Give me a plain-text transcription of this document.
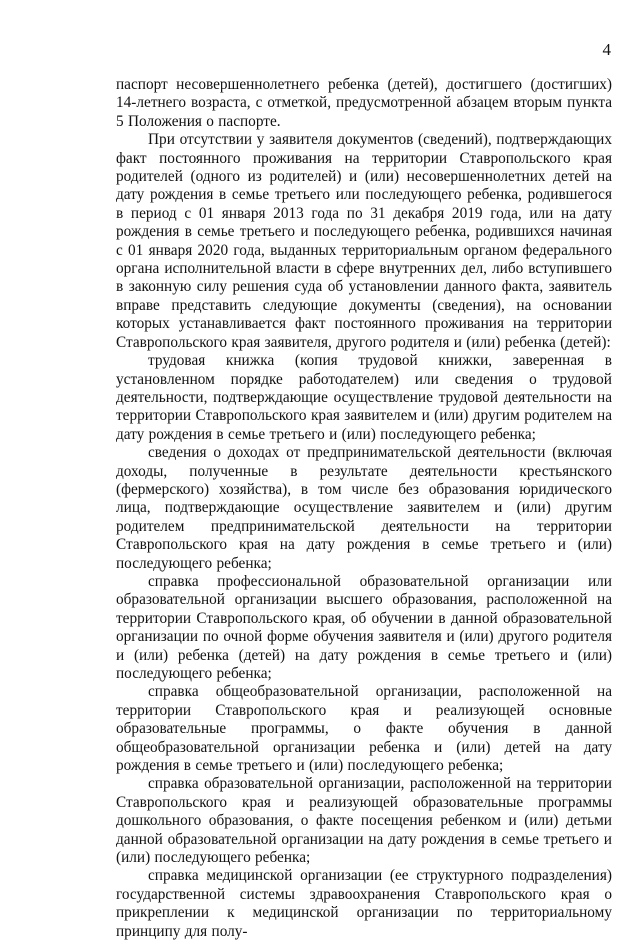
4

паспорт несовершеннолетнего ребенка (детей), достигшего (достигших) 14-летнего возраста, с отметкой, предусмотренной абзацем вторым пункта 5 Положения о паспорте.

При отсутствии у заявителя документов (сведений), подтверждающих факт постоянного проживания на территории Ставропольского края родителей (одного из родителей) и (или) несовершеннолетних детей на дату рождения в семье третьего или последующего ребенка, родившегося в период с 01 января 2013 года по 31 декабря 2019 года, или на дату рождения в семье третьего и последующего ребенка, родившихся начиная с 01 января 2020 года, выданных территориальным органом федерального органа исполнительной власти в сфере внутренних дел, либо вступившего в законную силу решения суда об установлении данного факта, заявитель вправе представить следующие документы (сведения), на основании которых устанавливается факт постоянного проживания на территории Ставропольского края заявителя, другого родителя и (или) ребенка (детей):

трудовая книжка (копия трудовой книжки, заверенная в установленном порядке работодателем) или сведения о трудовой деятельности, подтверждающие осуществление трудовой деятельности на территории Ставропольского края заявителем и (или) другим родителем на дату рождения в семье третьего и (или) последующего ребенка;

сведения о доходах от предпринимательской деятельности (включая доходы, полученные в результате деятельности крестьянского (фермерского) хозяйства), в том числе без образования юридического лица, подтверждающие осуществление заявителем и (или) другим родителем предпринимательской деятельности на территории Ставропольского края на дату рождения в семье третьего и (или) последующего ребенка;

справка профессиональной образовательной организации или образовательной организации высшего образования, расположенной на территории Ставропольского края, об обучении в данной образовательной организации по очной форме обучения заявителя и (или) другого родителя и (или) ребенка (детей) на дату рождения в семье третьего и (или) последующего ребенка;

справка общеобразовательной организации, расположенной на территории Ставропольского края и реализующей основные образовательные программы, о факте обучения в данной общеобразовательной организации ребенка и (или) детей на дату рождения в семье третьего и (или) последующего ребенка;

справка образовательной организации, расположенной на территории Ставропольского края и реализующей образовательные программы дошкольного образования, о факте посещения ребенком и (или) детьми данной образовательной организации на дату рождения в семье третьего и (или) последующего ребенка;

справка медицинской организации (ее структурного подразделения) государственной системы здравоохранения Ставропольского края о прикреплении к медицинской организации по территориальному принципу для полу-
